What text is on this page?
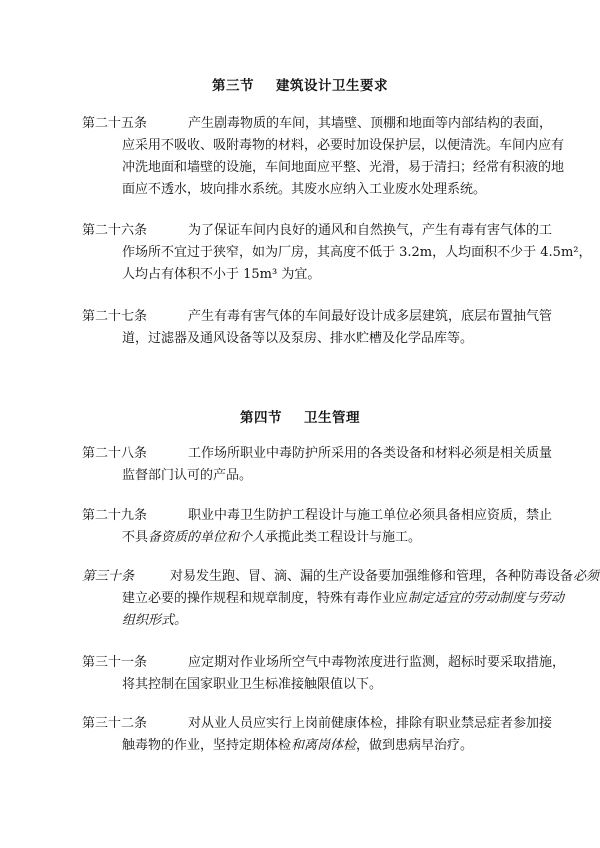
第三节 建筑设计卫生要求
第二十五条	产生剧毒物质的车间，其墙壁、顶棚和地面等内部结构的表面，
应采用不吸收、吸附毒物的材料，必要时加设保护层，以便清洗。车间内应有
冲洗地面和墙壁的设施，车间地面应平整、光滑，易于清扫；经常有积液的地
面应不透水，坡向排水系统。其废水应纳入工业废水处理系统。
第二十六条	为了保证车间内良好的通风和自然换气，产生有毒有害气体的工
作场所不宜过于狭窄，如为厂房，其高度不低于 3.2m，人均面积不少于 4.5m²，
人均占有体积不小于 15m³ 为宜。
第二十七条	产生有毒有害气体的车间最好设计成多层建筑，底层布置抽气管
道，过滤器及通风设备等以及泵房、排水贮槽及化学品库等。
第四节 卫生管理
第二十八条	工作场所职业中毒防护所采用的各类设备和材料必须是相关质量
监督部门认可的产品。
第二十九条	职业中毒卫生防护工程设计与施工单位必须具备相应资质，禁止
不具备资质的单位和个人承揽此类工程设计与施工。
第三十条	对易发生跑、冒、滴、漏的生产设备要加强维修和管理，各种防毒设备必须
建立必要的操作规程和规章制度，特殊有毒作业应制定适宜的劳动制度与劳动
组织形式。
第三十一条	应定期对作业场所空气中毒物浓度进行监测，超标时要采取措施，
将其控制在国家职业卫生标准接触限值以下。
第三十二条	对从业人员应实行上岗前健康体检，排除有职业禁忌症者参加接
触毒物的作业，坚持定期体检和离岗体检，做到患病早治疗。
